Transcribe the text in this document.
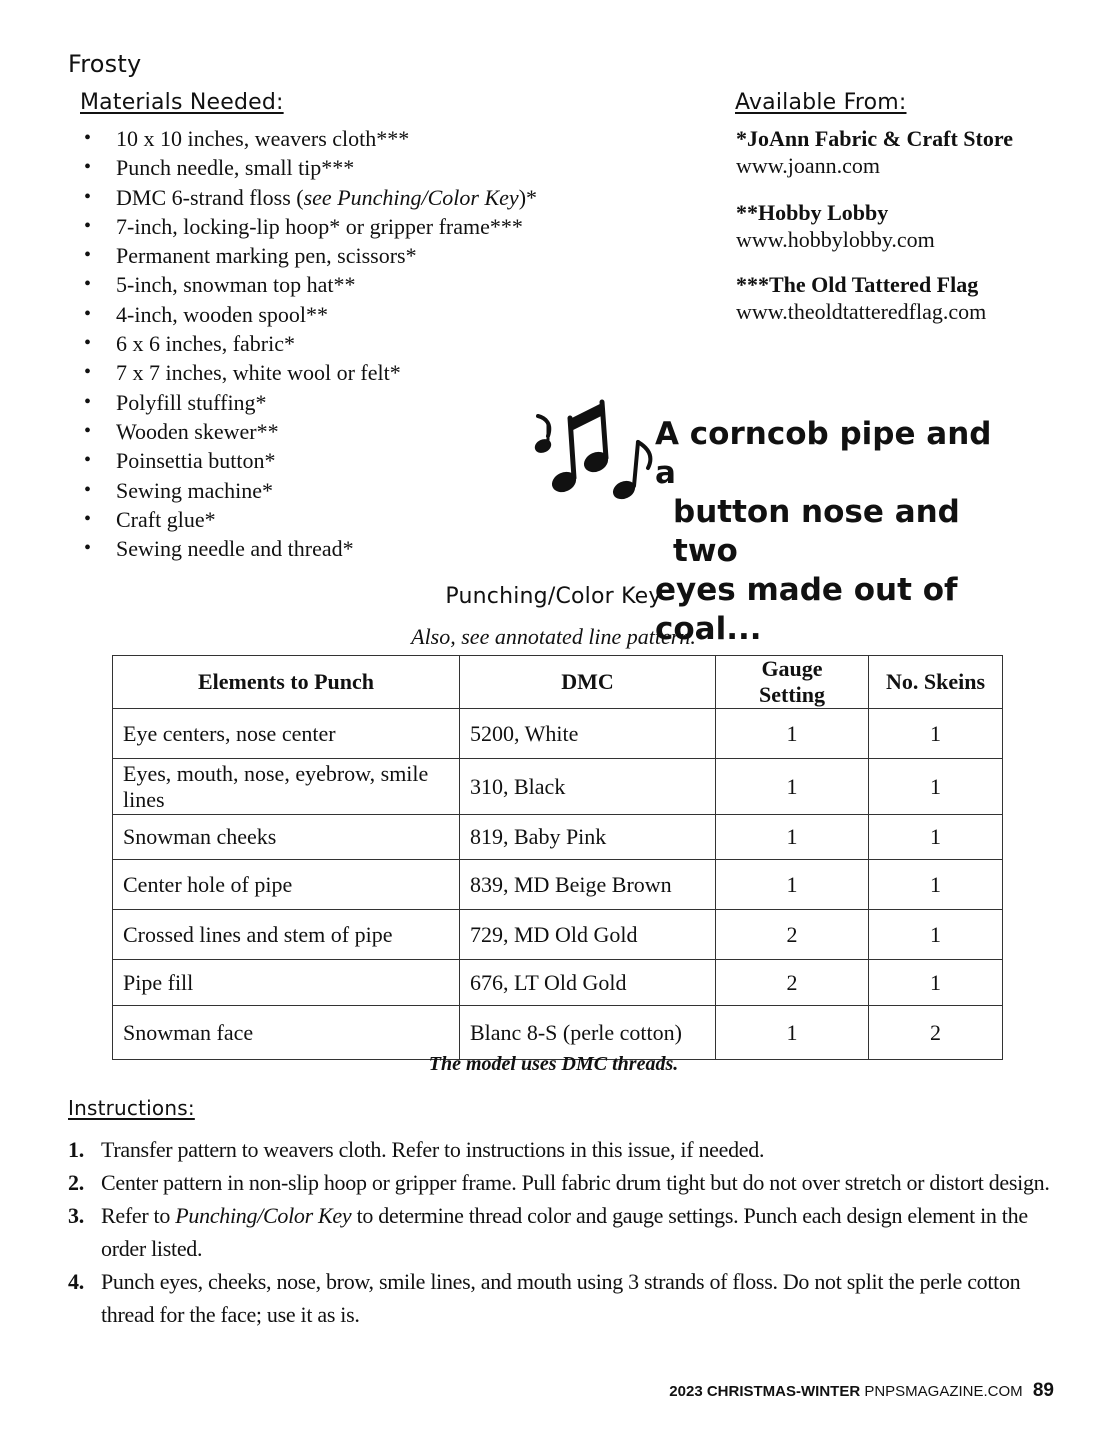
Frosty
Materials Needed:
• 10 x 10 inches, weavers cloth***
• Punch needle, small tip***
• DMC 6-strand floss (see Punching/Color Key)*
• 7-inch, locking-lip hoop* or gripper frame***
• Permanent marking pen, scissors*
• 5-inch, snowman top hat**
• 4-inch, wooden spool**
• 6 x 6 inches, fabric*
• 7 x 7 inches, white wool or felt*
• Polyfill stuffing*
• Wooden skewer**
• Poinsettia button*
• Sewing machine*
• Craft glue*
• Sewing needle and thread*
Available From:
*JoAnn Fabric & Craft Store
www.joann.com
**Hobby Lobby
www.hobbylobby.com
***The Old Tattered Flag
www.theoldtatteredflag.com
A corncob pipe and a
button nose and two
eyes made out of coal...
Punching/Color Key
Also, see annotated line pattern.
Elements to Punch	DMC	Gauge Setting	No. Skeins
Eye centers, nose center	5200, White	1	1
Eyes, mouth, nose, eyebrow, smile lines	310, Black	1	1
Snowman cheeks	819, Baby Pink	1	1
Center hole of pipe	839, MD Beige Brown	1	1
Crossed lines and stem of pipe	729, MD Old Gold	2	1
Pipe fill	676, LT Old Gold	2	1
Snowman face	Blanc 8-S (perle cotton)	1	2
The model uses DMC threads.
Instructions:
1. Transfer pattern to weavers cloth. Refer to instructions in this issue, if needed.
2. Center pattern in non-slip hoop or gripper frame. Pull fabric drum tight but do not over stretch or distort design.
3. Refer to Punching/Color Key to determine thread color and gauge settings. Punch each design element in the order listed.
4. Punch eyes, cheeks, nose, brow, smile lines, and mouth using 3 strands of floss. Do not split the perle cotton thread for the face; use it as is.
2023 CHRISTMAS-WINTER PNPSMAGAZINE.COM 89
